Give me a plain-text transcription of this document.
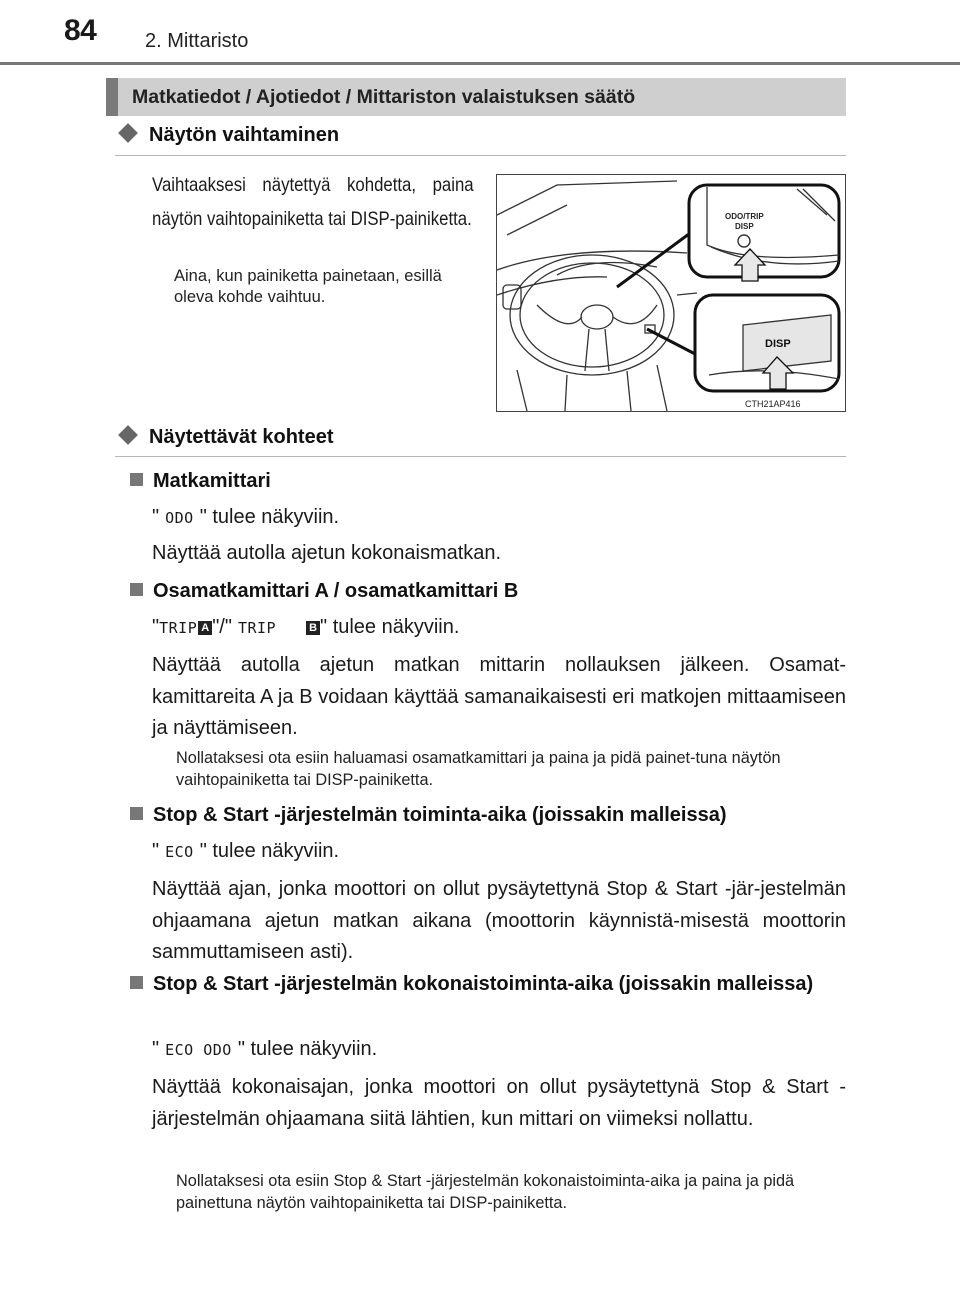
84 2. Mittaristo
Matkatiedot / Ajotiedot / Mittariston valaistuksen säätö
Näytön vaihtaminen
Vaihtaaksesi näytettyä kohdetta, paina näytön vaihtopainiketta tai DISP-painiketta.
Aina, kun painiketta painetaan, esillä oleva kohde vaihtuu.
ODO/TRIP
DISP
DISP
CTH21AP416
Näytettävät kohteet
Matkamittari
" ODO " tulee näkyviin.
Näyttää autolla ajetun kokonaismatkan.
Osamatkamittari A / osamatkamittari B
"TRIP A "/" TRIP	B " tulee näkyviin.
Näyttää autolla ajetun matkan mittarin nollauksen jälkeen. Osamat-kamittareita A ja B voidaan käyttää samanaikaisesti eri matkojen mittaamiseen ja näyttämiseen.
Nollataksesi ota esiin haluamasi osamatkamittari ja paina ja pidä painet-tuna näytön vaihtopainiketta tai DISP-painiketta.
Stop & Start -järjestelmän toiminta-aika (joissakin malleissa)
" ECO " tulee näkyviin.
Näyttää ajan, jonka moottori on ollut pysäytettynä Stop & Start -jär-jestelmän ohjaamana ajetun matkan aikana (moottorin käynnistä-misestä moottorin sammuttamiseen asti).
Stop & Start -järjestelmän kokonaistoiminta-aika (joissakin malleissa)
" ECO ODO " tulee näkyviin.
Näyttää kokonaisajan, jonka moottori on ollut pysäytettynä Stop & Start -järjestelmän ohjaamana siitä lähtien, kun mittari on viimeksi nollattu.
Nollataksesi ota esiin Stop & Start -järjestelmän kokonaistoiminta-aika ja paina ja pidä painettuna näytön vaihtopainiketta tai DISP-painiketta.
